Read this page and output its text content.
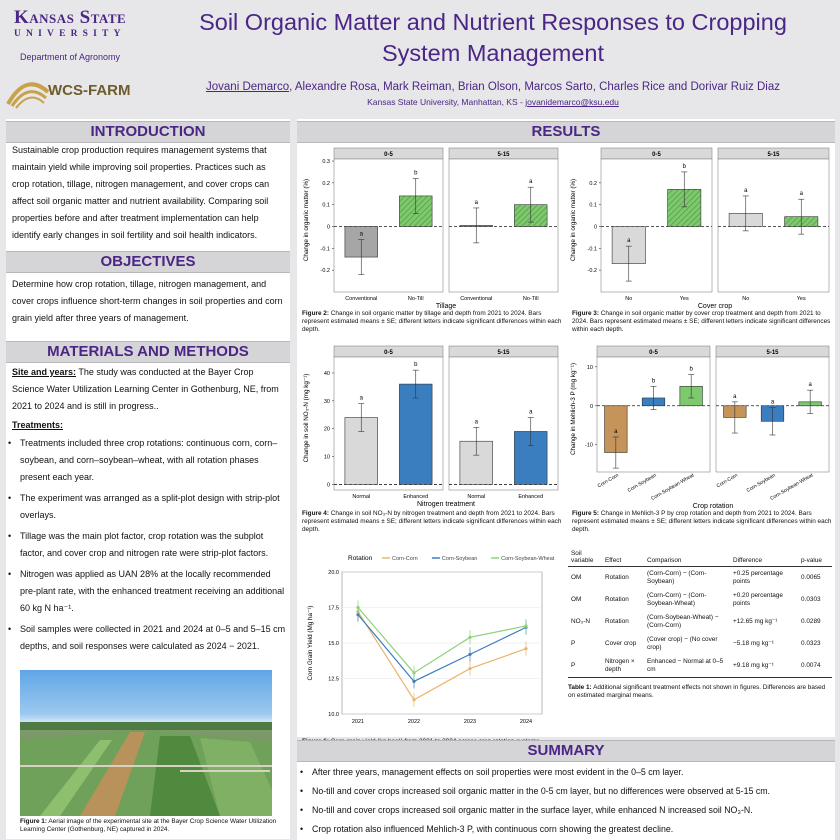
Kansas State
UNIVERSITY
Department of Agronomy
WCS-FARM
Soil Organic Matter and Nutrient Responses to Cropping System Management
Jovani Demarco, Alexandre Rosa, Mark Reiman, Brian Olson, Marcos Sarto, Charles Rice and Dorivar Ruiz Diaz
Kansas State University, Manhattan, KS - jovanidemarco@ksu.edu
INTRODUCTION
Sustainable crop production requires management systems that maintain yield while improving soil properties. Practices such as crop rotation, tillage, nitrogen management, and cover crops can affect soil organic matter and nutrient availability. Comparing soil properties before and after treatment implementation can help identify early changes in soil fertility and soil health indicators.
OBJECTIVES
Determine how crop rotation, tillage, nitrogen management, and cover crops influence short-term changes in soil properties and corn grain yield after three years of management.
MATERIALS AND METHODS
Site and years: The study was conducted at the Bayer Crop Science Water Utilization Learning Center in Gothenburg, NE, from 2021 to 2024 and is still in progress..
Treatments:
• Treatments included three crop rotations: continuous corn, corn–soybean, and corn–soybean–wheat, with all rotation phases present each year.
• The experiment was arranged as a split-plot design with strip-plot overlays.
• Tillage was the main plot factor, crop rotation was the subplot factor, and cover crop and nitrogen rate were strip-plot factors.
• Nitrogen was applied as UAN 28% at the locally recommended pre-plant rate, with the enhanced treatment receiving an additional 60 kg N ha⁻¹.
• Soil samples were collected in 2021 and 2024 at 0–5 and 5–15 cm depths, and soil responses were calculated as 2024 − 2021.
Figure 1: Aerial image of the experimental site at the Bayer Crop Science Water Utilization Learning Center (Gothenburg, NE) captured in 2024.
RESULTS
Change in organic matter (%)
Tillage
-0.2
-0.1
0
0.1
0.2
0.3
0-5
a
Conventional
b
No-Till
5-15
a
Conventional
a
No-Till
Figure 2: Change in soil organic matter by tillage and depth from 2021 to 2024. Bars represent estimated means ± SE; different letters indicate significant differences within each depth.
Change in organic matter (%)
Cover crop
-0.2
-0.1
0
0.1
0.2
0-5
a
No
b
Yes
5-15
a
No
a
Yes
Figure 3: Change in soil organic matter by cover crop treatment and depth from 2021 to 2024. Bars represent estimated means ± SE; different letters indicate significant differences within each depth.
Change in soil NO₃-N (mg kg⁻¹)
Nitrogen treatment
0
10
20
30
40
0-5
a
Normal
b
Enhanced
5-15
a
Normal
a
Enhanced
Figure 4: Change in soil NO₃-N by nitrogen treatment and depth from 2021 to 2024. Bars represent estimated means ± SE; different letters indicate significant differences within each depth.
Change in Mehlich-3 P (mg kg⁻¹)
Crop rotation
-10
0
10
0-5
a
Corn-Corn
b
Corn-Soybean
b
Corn-Soybean-Wheat
5-15
a
Corn-Corn
a
Corn-Soybean
a
Corn-Soybean-Wheat
Figure 5: Change in Mehlich-3 P by crop rotation and depth from 2021 to 2024. Bars represent estimated means ± SE; different letters indicate significant differences within each depth.
Rotation	Corn-Corn	Corn-Soybean	Corn-Soybean-Wheat
10.0
12.5
15.0
17.5
20.0
2021	2022	2023	2024
Corn Grain Yield (Mg ha⁻¹)
Soil variable	Effect	Comparison	Difference	p-value
OM	Rotation	(Corn-Corn) − (Corn-Soybean)	+0.25 percentage points	0.0065
OM	Rotation	(Corn-Corn) − (Corn-Soybean-Wheat)	+0.20 percentage points	0.0303
NO₃-N	Rotation	(Corn-Soybean-Wheat) − (Corn-Corn)	+12.65 mg kg⁻¹	0.0289
P	Cover crop	(Cover crop) − (No cover crop)	−5.18 mg kg⁻¹	0.0323
P	Nitrogen × depth	Enhanced − Normal at 0–5 cm	+9.18 mg kg⁻¹	0.0074
Table 1: Additional significant treatment effects not shown in figures. Differences are based on estimated marginal means.
SUMMARY
• After three years, management effects on soil properties were most evident in the 0–5 cm layer.
• No-till and cover crops increased soil organic matter in the 0-5 cm layer, but no differences were observed at 5-15 cm.
• No-till and cover crops increased soil organic matter in the surface layer, while enhanced N increased soil NO₃-N.
• Crop rotation also influenced Mehlich-3 P, with continuous corn showing the greatest decline.
